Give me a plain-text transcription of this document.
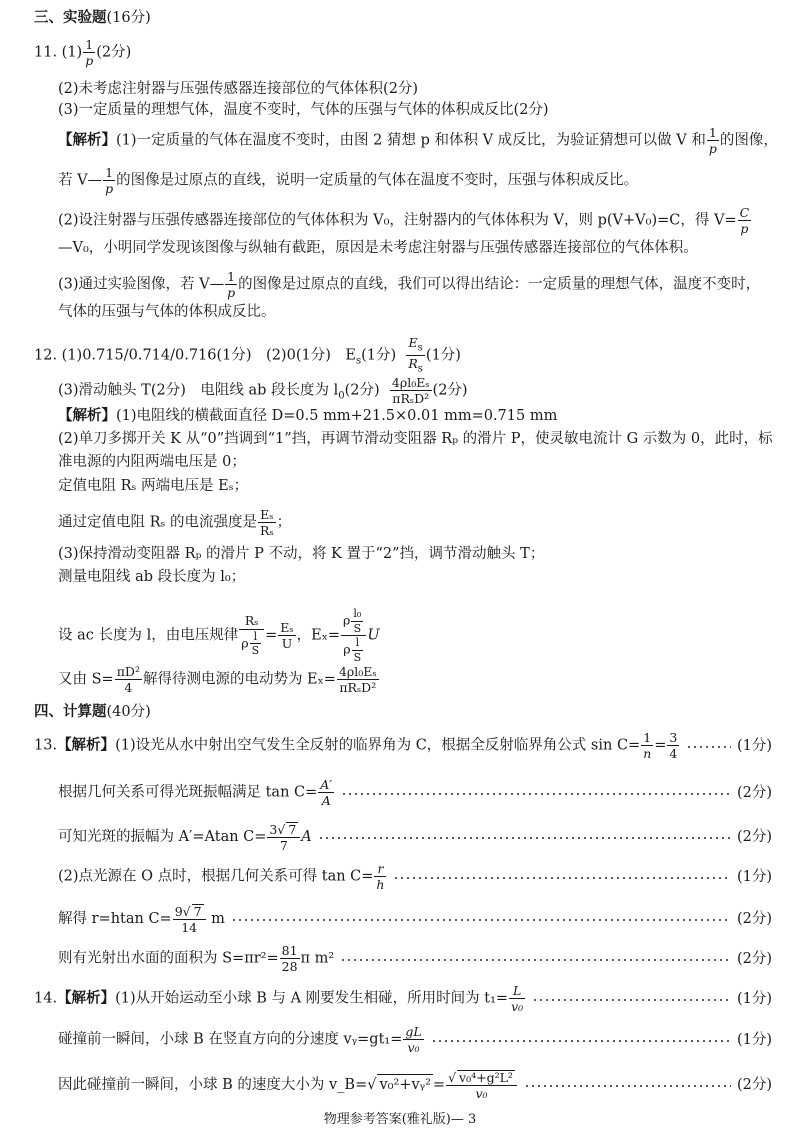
三、实验题(16分)
11. $(1) \frac{1}{p} (2$分)
(2)未考虑注射器与压强传感器连接部位的气体体积(2分)
(3)一定质量的理想气体，温度不变时，气体的压强与气体的体积成反比(2分)
【解析】(1)一定质量的气体在温度不变时，由图 2 猜想 p 和体积 V 成反比，为验证猜想可以做 V 和 $\frac{1}{p}$ 的图像，
若 V— $\frac{1}{p}$ 的图像是过原点的直线，说明一定质量的气体在温度不变时，压强与体积成反比。
(2)设注射器与压强传感器连接部位的气体体积为 V₀，注射器内的气体体积为 V，则 p(V+V₀)=C，得 $V= \frac{C}{p}$
—V₀，小明同学发现该图像与纵轴有截距，原因是未考虑注射器与压强传感器连接部位的气体体积。
(3)通过实验图像，若 V— $\frac{1}{p}$ 的图像是过原点的直线，我们可以得出结论：一定质量的理想气体，温度不变时，
气体的压强与气体的体积成反比。
12. (1)0.715/0.714/0.716(1分)　(2)0(1分)　$E_s(1$分) $\frac{E_s}{R_s} (1$分)
(3)滑动触头 T(2分)　电阻线 ab 段长度为 $l_0(2$分) $\frac{\text{4ρl₀Eₛ}}{\text{πRₛD²}} (2$分)
【解析】(1)电阻线的横截面直径 D=0.5 mm+21.5×0.01 mm=0.715 mm
(2)单刀多掷开关 K 从“0”挡调到“1”挡，再调节滑动变阻器 Rₚ 的滑片 P，使灵敏电流计 G 示数为 0，此时，标
准电源的内阻两端电压是 0；
定值电阻 Rₛ 两端电压是 Eₛ；
通过定值电阻 Rₛ 的电流强度是 $\frac{\text{Eₛ}}{\text{Rₛ}}$ ；
(3)保持滑动变阻器 Rₚ 的滑片 P 不动，将 K 置于“2”挡，调节滑动触头 T；
测量电阻线 ab 段长度为 l₀；
设 ac 长度为 l，由电压规律 $\frac{\text{Rₛ}}{\rho \frac{l}{S}} = \frac{\text{Eₛ}}{U}$ ，$E_x= \frac{\rho \frac{\text{l₀}}{S}}{\rho \frac{l}{S}}$ U
又由 $S= \frac{\text{πD²}}{4}$ 解得待测电源的电动势为 $E_x= \frac{\text{4ρl₀Eₛ}}{\text{πRₛD²}}$
四、计算题(40分)
13.【解析】(1)设光从水中射出空气发生全反射的临界角为 C，根据全反射临界角公式 $\sin C= \frac{1}{n} = \frac{3}{4}$	(1分)
根据几何关系可得光斑振幅满足 $\tan C= \frac{A'}{A}$	(2分)
可知光斑的振幅为 A′=Atan $C= \frac{3√ 7}{7}$ A	(2分)
(2)点光源在 O 点时，根据几何关系可得 $\tan C= \frac{r}{h}$	(1分)
解得 r=htan $C= \frac{9√ 7}{14}$ m	(2分)
则有光射出水面的面积为 $S=\pi r^2= \frac{81}{28}$ π m²	(2分)
14.【解析】(1)从开始运动至小球 B 与 A 刚要发生相碰，所用时间为 $t_1= \frac{L}{\text{v₀}}$	(1分)
碰撞前一瞬间，小球 B 在竖直方向的分速度 vᵧ=gt₁= $\frac{gL}{\text{v₀}}$	(1分)
因此碰撞前一瞬间，小球 B 的速度大小为 v_B=√ v₀²+vᵧ² = $\frac{\text{√ v₀⁴+g²L²}}{\text{v₀}}$	(2分)
物理参考答案(雅礼版)— 3
